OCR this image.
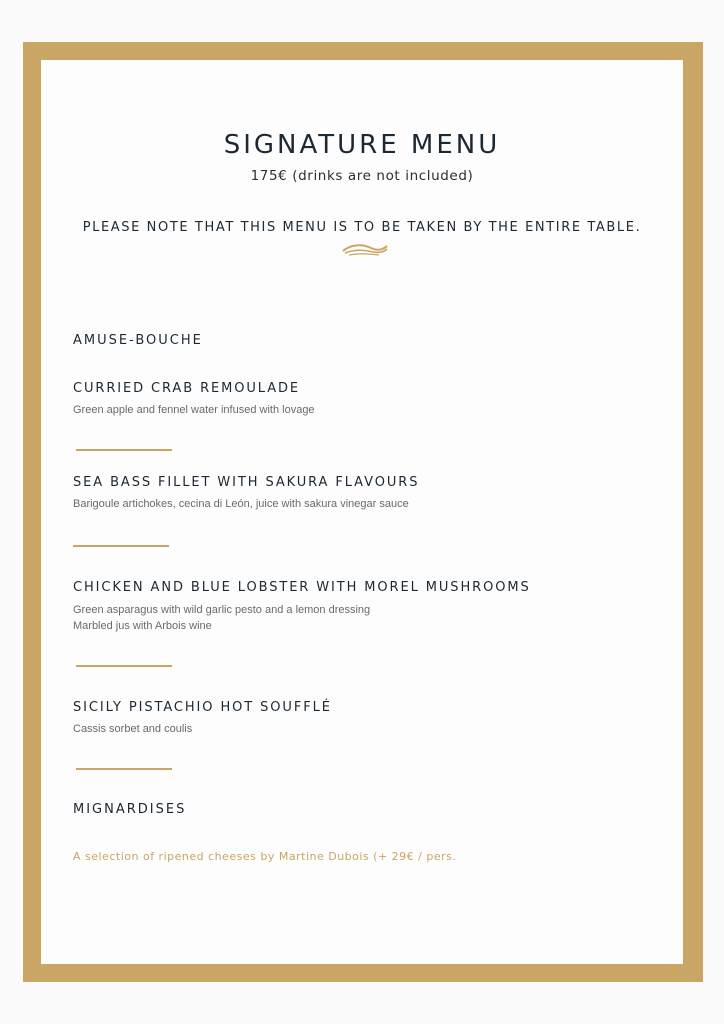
SIGNATURE MENU
175€ (drinks are not included)
PLEASE NOTE THAT THIS MENU IS TO BE TAKEN BY THE ENTIRE TABLE.
AMUSE-BOUCHE
CURRIED CRAB REMOULADE
Green apple and fennel water infused with lovage
SEA BASS FILLET WITH SAKURA FLAVOURS
Barigoule artichokes, cecina di León, juice with sakura vinegar sauce
CHICKEN AND BLUE LOBSTER WITH MOREL MUSHROOMS
Green asparagus with wild garlic pesto and a lemon dressing
Marbled jus with Arbois wine
SICILY PISTACHIO HOT SOUFFLÉ
Cassis sorbet and coulis
MIGNARDISES
A selection of ripened cheeses by Martine Dubois (+ 29€ / pers.
